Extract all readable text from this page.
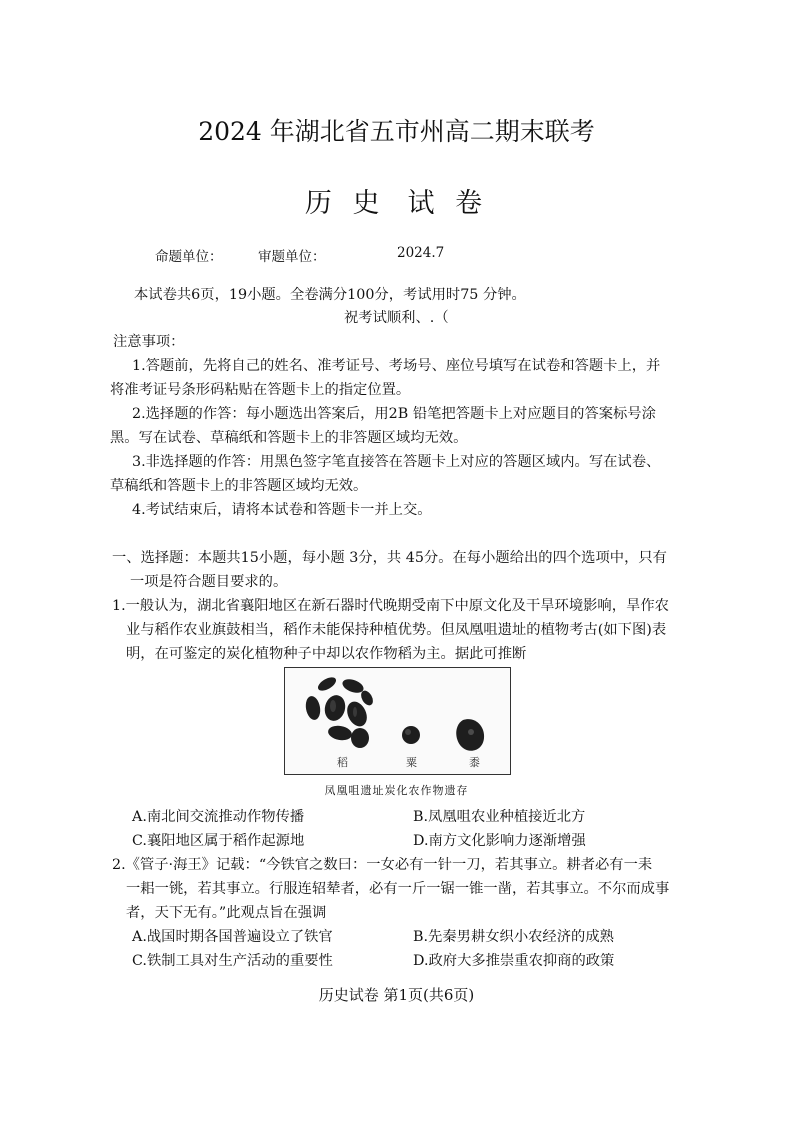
2024 年湖北省五市州高二期末联考
历 史 试 卷
命题单位：	审题单位：	2024.7
本试卷共6页，19小题。全卷满分100分，考试用时75 分钟。
祝考试顺利、.（
注意事项：
1.答题前，先将自己的姓名、准考证号、考场号、座位号填写在试卷和答题卡上，并
将准考证号条形码粘贴在答题卡上的指定位置。
2.选择题的作答：每小题选出答案后，用2B 铅笔把答题卡上对应题目的答案标号涂
黑。写在试卷、草稿纸和答题卡上的非答题区域均无效。
3.非选择题的作答：用黑色签字笔直接答在答题卡上对应的答题区域内。写在试卷、
草稿纸和答题卡上的非答题区域均无效。
4.考试结束后，请将本试卷和答题卡一并上交。
一、选择题：本题共15小题，每小题 3分，共 45分。在每小题给出的四个选项中，只有
一项是符合题目要求的。
1.一般认为，湖北省襄阳地区在新石器时代晚期受南下中原文化及干旱环境影响，旱作农
业与稻作农业旗鼓相当，稻作未能保持种植优势。但凤凰咀遗址的植物考古(如下图)表
明，在可鉴定的炭化植物种子中却以农作物稻为主。据此可推断
稻	粟	黍
凤凰咀遗址炭化农作物遗存
A.南北间交流推动作物传播	B.凤凰咀农业种植接近北方
C.襄阳地区属于稻作起源地	D.南方文化影响力逐渐增强
2.《管子·海王》记载：“今铁官之数曰：一女必有一针一刀，若其事立。耕者必有一耒
一耜一铫，若其事立。行服连轺辇者，必有一斤一锯一锥一凿，若其事立。不尔而成事
者，天下无有。”此观点旨在强调
A.战国时期各国普遍设立了铁官	B.先秦男耕女织小农经济的成熟
C.铁制工具对生产活动的重要性	D.政府大多推崇重农抑商的政策
历史试卷 第1页(共6页)
